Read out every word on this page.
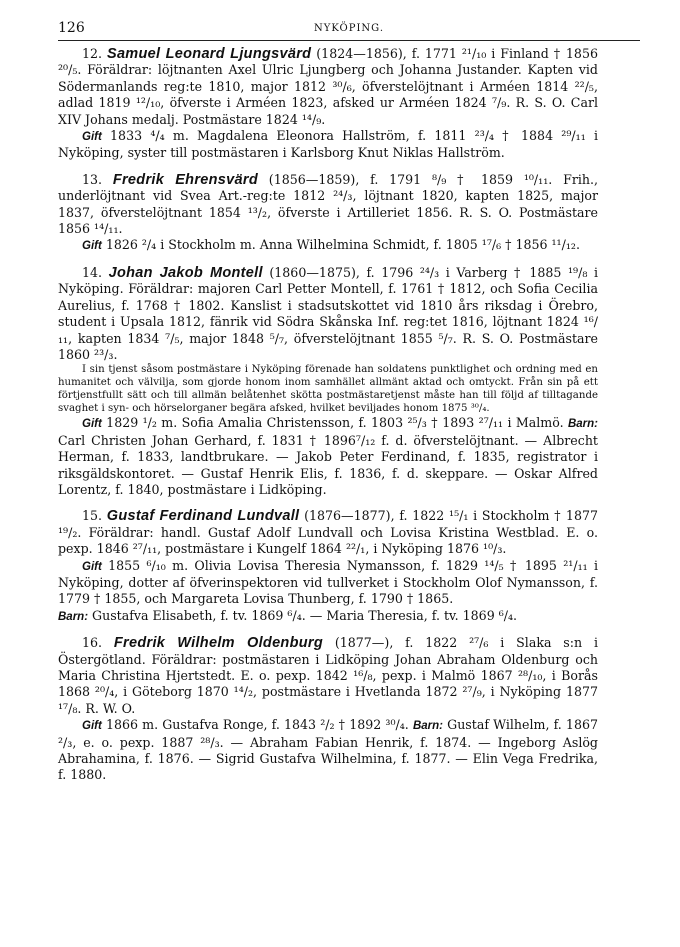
126	NYKÖPING.

12. Samuel Leonard Ljungsvärd (1824—1856), f. 1771 ²¹/₁₀ i Finland † 1856 ²⁰/₅. Föräldrar: löjtnanten Axel Ulric Ljungberg och Johanna Justander. Kapten vid Södermanlands reg:te 1810, major 1812 ³⁰/₆, öfverstelöjtnant i Arméen 1814 ²²/₅, adlad 1819 ¹²/₁₀, öfverste i Arméen 1823, afsked ur Arméen 1824 ⁷/₉. R. S. O. Carl XIV Johans medalj. Postmästare 1824 ¹⁴/₉.

Gift 1833 ⁴/₄ m. Magdalena Eleonora Hallström, f. 1811 ²³/₄ † 1884 ²⁹/₁₁ i Nyköping, syster till postmästaren i Karlsborg Knut Niklas Hallström.

13. Fredrik Ehrensvärd (1856—1859), f. 1791 ⁸/₉ † 1859 ¹⁰/₁₁. Frih., underlöjtnant vid Svea Art.-reg:te 1812 ²⁴/₃, löjtnant 1820, kapten 1825, major 1837, öfverstelöjtnant 1854 ¹³/₂, öfverste i Artilleriet 1856. R. S. O. Postmästare 1856 ¹⁴/₁₁.

Gift 1826 ²/₄ i Stockholm m. Anna Wilhelmina Schmidt, f. 1805 ¹⁷/₆ † 1856 ¹¹/₁₂.

14. Johan Jakob Montell (1860—1875), f. 1796 ²⁴/₃ i Varberg † 1885 ¹⁹/₈ i Nyköping. Föräldrar: majoren Carl Petter Montell, f. 1761 † 1812, och Sofia Cecilia Aurelius, f. 1768 † 1802. Kanslist i stadsutskottet vid 1810 års riksdag i Örebro, student i Upsala 1812, fänrik vid Södra Skånska Inf. reg:tet 1816, löjtnant 1824 ¹⁶/₁₁, kapten 1834 ⁷/₅, major 1848 ⁵/₇, öfverstelöjtnant 1855 ⁵/₇. R. S. O. Postmästare 1860 ²³/₃.

I sin tjenst såsom postmästare i Nyköping förenade han soldatens punktlighet och ordning med en humanitet och välvilja, som gjorde honom inom samhället allmänt aktad och omtyckt. Från sin på ett förtjenstfullt sätt och till allmän belåtenhet skötta postmästaretjenst måste han till följd af tilltagande svaghet i syn- och hörselorganer begära afsked, hvilket beviljades honom 1875 ³⁰/₄.

Gift 1829 ¹/₂ m. Sofia Amalia Christensson, f. 1803 ²⁵/₃ † 1893 ²⁷/₁₁ i Malmö. Barn: Carl Christen Johan Gerhard, f. 1831 † 1896⁷/₁₂ f. d. öfverstelöjtnant. — Albrecht Herman, f. 1833, landtbrukare. — Jakob Peter Ferdinand, f. 1835, registrator i riksgäldskontoret. — Gustaf Henrik Elis, f. 1836, f. d. skeppare. — Oskar Alfred Lorentz, f. 1840, postmästare i Lidköping.

15. Gustaf Ferdinand Lundvall (1876—1877), f. 1822 ¹⁵/₁ i Stockholm † 1877 ¹⁹/₂. Föräldrar: handl. Gustaf Adolf Lundvall och Lovisa Kristina Westblad. E. o. pexp. 1846 ²⁷/₁₁, postmästare i Kungelf 1864 ²²/₁, i Nyköping 1876 ¹⁰/₃.

Gift 1855 ⁶/₁₀ m. Olivia Lovisa Theresia Nymansson, f. 1829 ¹⁴/₅ † 1895 ²¹/₁₁ i Nyköping, dotter af öfverinspektoren vid tullverket i Stockholm Olof Nymansson, f. 1779 † 1855, och Margareta Lovisa Thunberg, f. 1790 † 1865.

Barn: Gustafva Elisabeth, f. tv. 1869 ⁶/₄. — Maria Theresia, f. tv. 1869 ⁶/₄.

16. Fredrik Wilhelm Oldenburg (1877—), f. 1822 ²⁷/₆ i Slaka s:n i Östergötland. Föräldrar: postmästaren i Lidköping Johan Abraham Oldenburg och Maria Christina Hjertstedt. E. o. pexp. 1842 ¹⁶/₈, pexp. i Malmö 1867 ²⁸/₁₀, i Borås 1868 ²⁰/₄, i Göteborg 1870 ¹⁴/₂, postmästare i Hvetlanda 1872 ²⁷/₉, i Nyköping 1877 ¹⁷/₈. R. W. O.

Gift 1866 m. Gustafva Ronge, f. 1843 ²/₂ † 1892 ³⁰/₄. Barn: Gustaf Wilhelm, f. 1867 ²/₃, e. o. pexp. 1887 ²⁸/₃. — Abraham Fabian Henrik, f. 1874. — Ingeborg Aslög Abrahamina, f. 1876. — Sigrid Gustafva Wilhelmina, f. 1877. — Elin Vega Fredrika, f. 1880.
